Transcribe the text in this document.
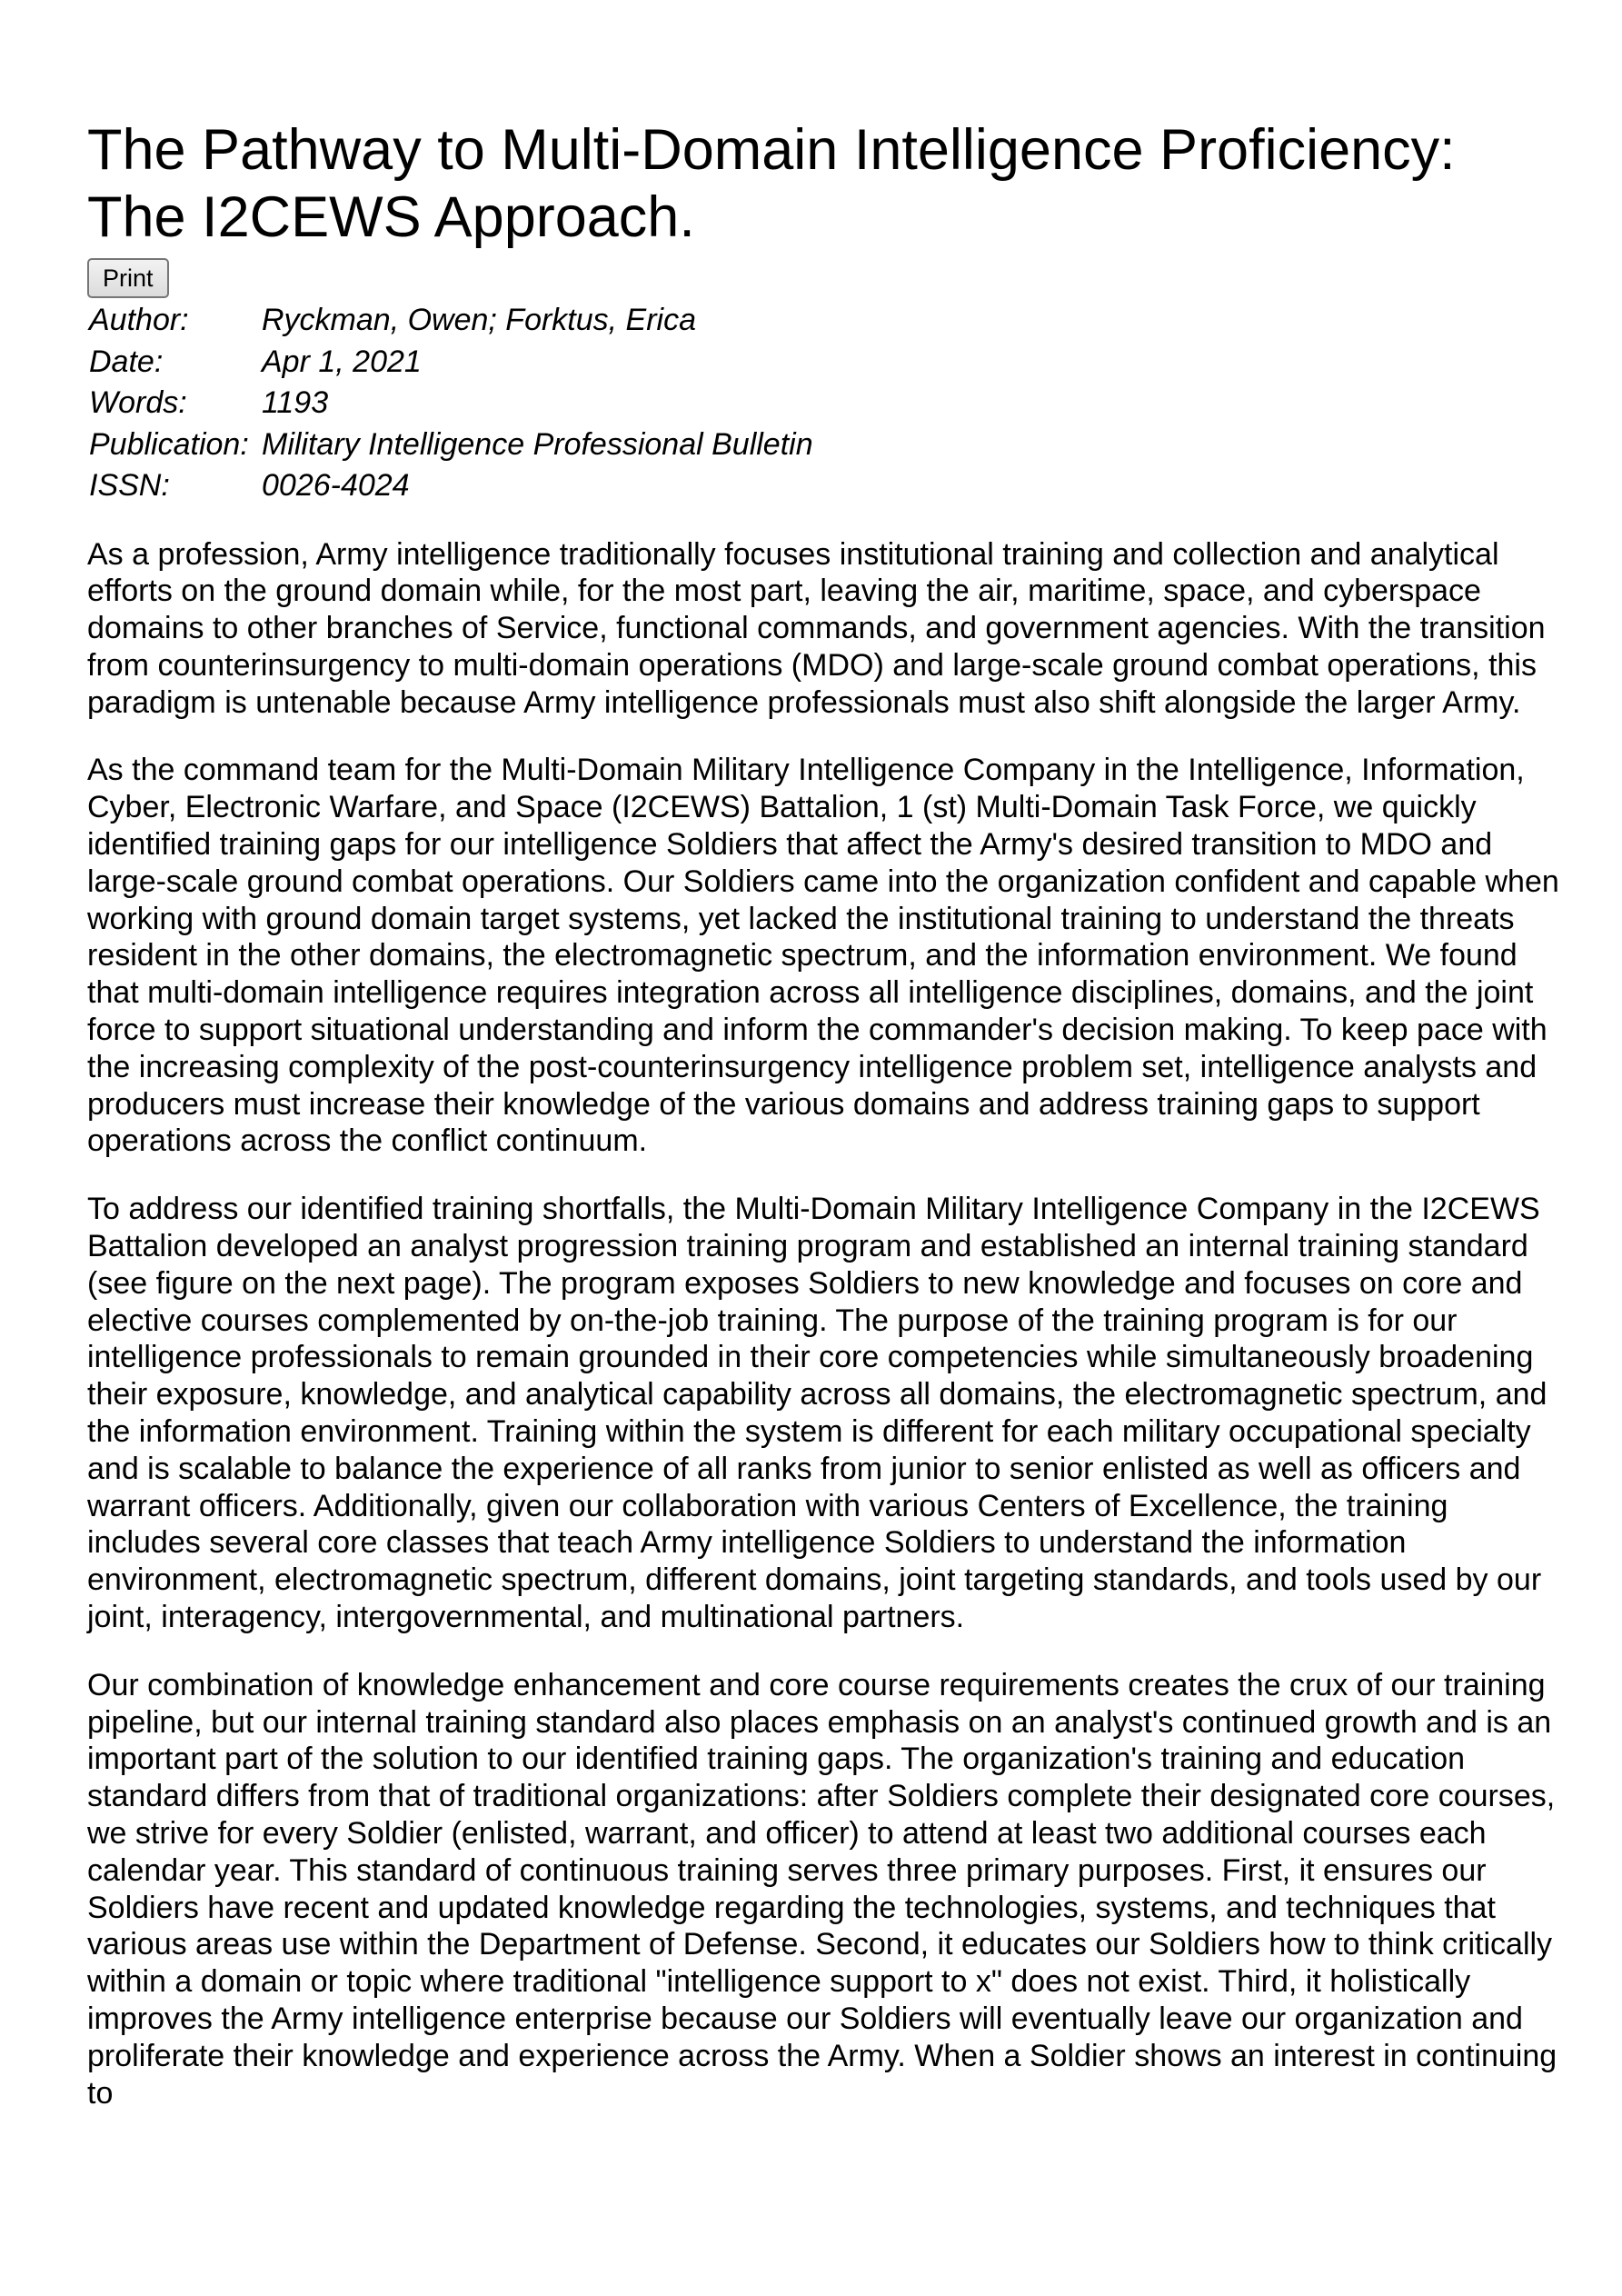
The Pathway to Multi-Domain Intelligence Proficiency: The I2CEWS Approach.
Print
Author:	Ryckman, Owen; Forktus, Erica
Date:	Apr 1, 2021
Words:	1193
Publication:	Military Intelligence Professional Bulletin
ISSN:	0026-4024

As a profession, Army intelligence traditionally focuses institutional training and collection and analytical efforts on the ground domain while, for the most part, leaving the air, maritime, space, and cyberspace domains to other branches of Service, functional commands, and government agencies. With the transition from counterinsurgency to multi-domain operations (MDO) and large-scale ground combat operations, this paradigm is untenable because Army intelligence professionals must also shift alongside the larger Army.

As the command team for the Multi-Domain Military Intelligence Company in the Intelligence, Information, Cyber, Electronic Warfare, and Space (I2CEWS) Battalion, 1 (st) Multi-Domain Task Force, we quickly identified training gaps for our intelligence Soldiers that affect the Army's desired transition to MDO and large-scale ground combat operations. Our Soldiers came into the organization confident and capable when working with ground domain target systems, yet lacked the institutional training to understand the threats resident in the other domains, the electromagnetic spectrum, and the information environment. We found that multi-domain intelligence requires integration across all intelligence disciplines, domains, and the joint force to support situational understanding and inform the commander's decision making. To keep pace with the increasing complexity of the post-counterinsurgency intelligence problem set, intelligence analysts and producers must increase their knowledge of the various domains and address training gaps to support operations across the conflict continuum.

To address our identified training shortfalls, the Multi-Domain Military Intelligence Company in the I2CEWS Battalion developed an analyst progression training program and established an internal training standard (see figure on the next page). The program exposes Soldiers to new knowledge and focuses on core and elective courses complemented by on-the-job training. The purpose of the training program is for our intelligence professionals to remain grounded in their core competencies while simultaneously broadening their exposure, knowledge, and analytical capability across all domains, the electromagnetic spectrum, and the information environment. Training within the system is different for each military occupational specialty and is scalable to balance the experience of all ranks from junior to senior enlisted as well as officers and warrant officers. Additionally, given our collaboration with various Centers of Excellence, the training includes several core classes that teach Army intelligence Soldiers to understand the information environment, electromagnetic spectrum, different domains, joint targeting standards, and tools used by our joint, interagency, intergovernmental, and multinational partners.

Our combination of knowledge enhancement and core course requirements creates the crux of our training pipeline, but our internal training standard also places emphasis on an analyst's continued growth and is an important part of the solution to our identified training gaps. The organization's training and education standard differs from that of traditional organizations: after Soldiers complete their designated core courses, we strive for every Soldier (enlisted, warrant, and officer) to attend at least two additional courses each calendar year. This standard of continuous training serves three primary purposes. First, it ensures our Soldiers have recent and updated knowledge regarding the technologies, systems, and techniques that various areas use within the Department of Defense. Second, it educates our Soldiers how to think critically within a domain or topic where traditional "intelligence support to x" does not exist. Third, it holistically improves the Army intelligence enterprise because our Soldiers will eventually leave our organization and proliferate their knowledge and experience across the Army. When a Soldier shows an interest in continuing to
